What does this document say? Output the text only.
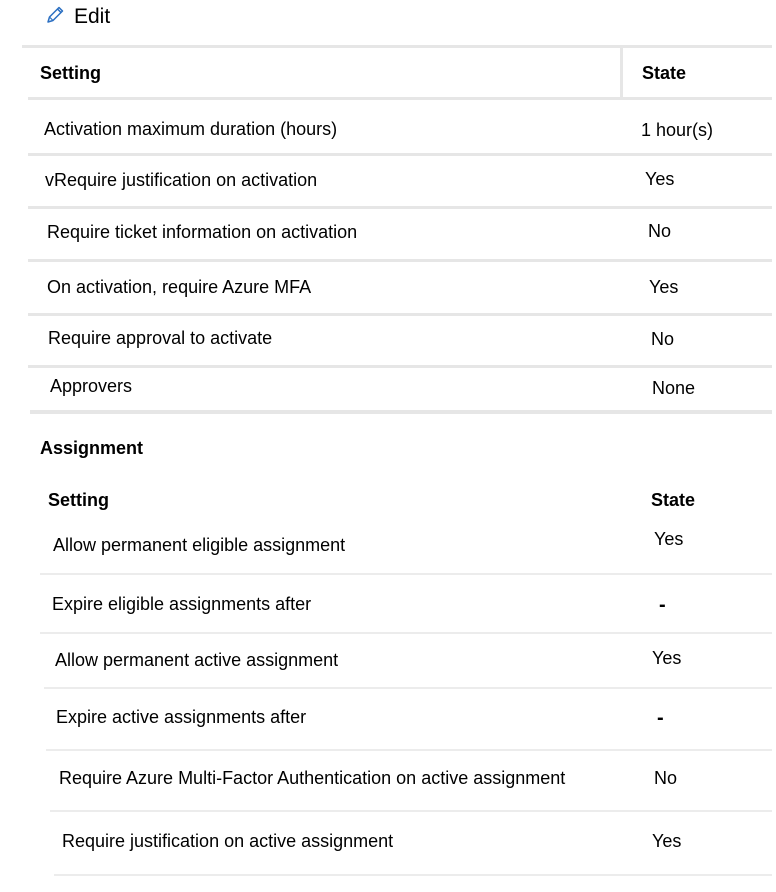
Edit
Setting	State
Activation maximum duration (hours)	1 hour(s)
vRequire justification on activation	Yes
Require ticket information on activation	No
On activation, require Azure MFA	Yes
Require approval to activate	No
Approvers	None
Assignment
Setting	State
Allow permanent eligible assignment	Yes
Expire eligible assignments after	-
Allow permanent active assignment	Yes
Expire active assignments after	-
Require Azure Multi-Factor Authentication on active assignment	No
Require justification on active assignment	Yes
